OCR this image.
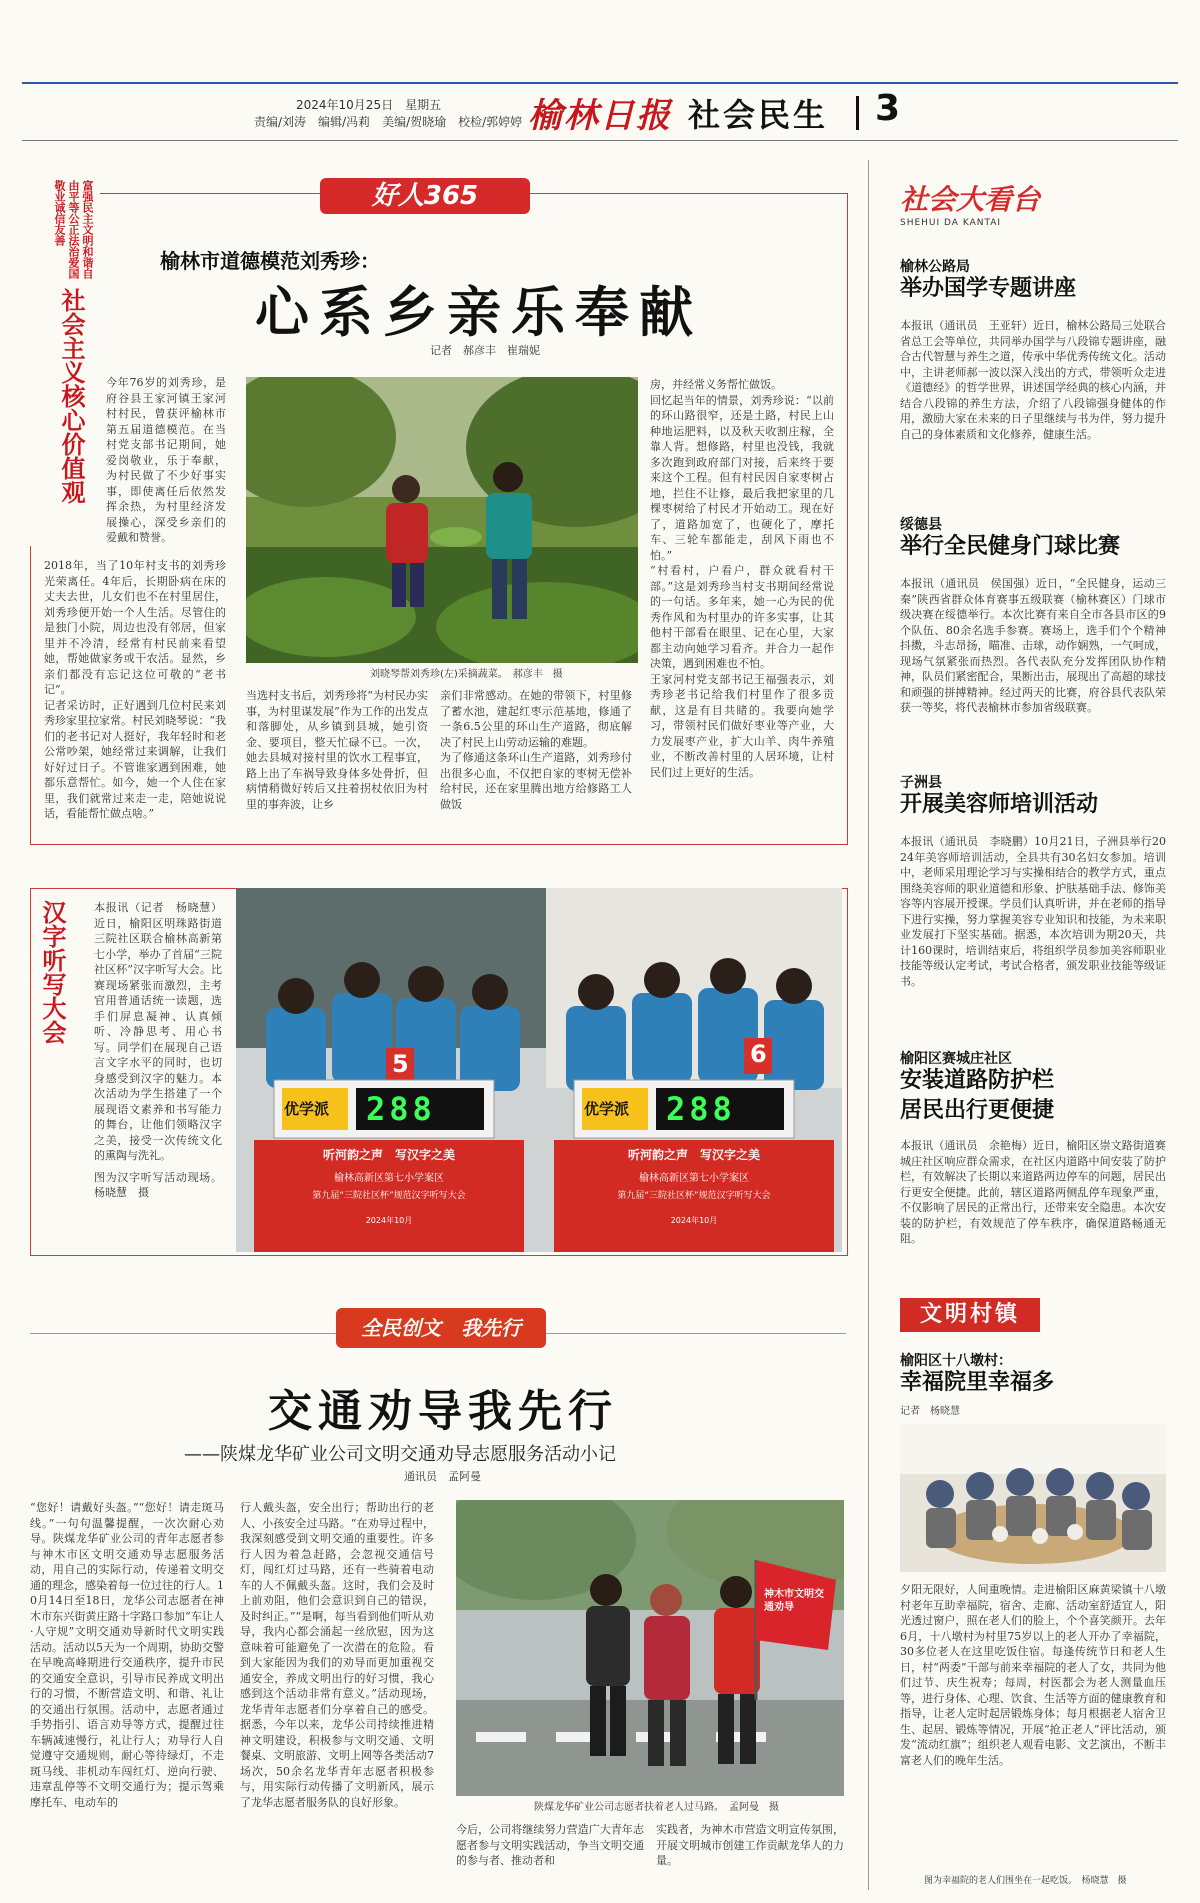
2024年10月25日　星期五
责编/刘涛　编辑/冯莉　美编/贺晓瑜　校检/郭婷婷 榆林日报 社会民生 3
富强民主文明和谐自由平等公正法治爱国敬业诚信友善
社会主义核心价值观
好人365
榆林市道德模范刘秀珍：
心系乡亲乐奉献
记者　郝彦丰　崔瑞妮
今年76岁的刘秀珍，是府谷县王家河镇王家河村村民，曾获评榆林市第五届道德模范。在当村党支部书记期间，她爱岗敬业，乐于奉献，为村民做了不少好事实事，即使离任后依然发挥余热，为村里经济发展操心，深受乡亲们的爱戴和赞誉。

2018年，当了10年村支书的刘秀珍光荣离任。4年后，长期卧病在床的丈夫去世，儿女们也不在村里居住，刘秀珍便开始一个人生活。尽管住的是独门小院，周边也没有邻居，但家里并不冷清，经常有村民前来看望她，帮她做家务或干农活。显然，乡亲们都没有忘记这位可敬的“老书记”。

记者采访时，正好遇到几位村民来刘秀珍家里拉家常。村民刘晓琴说：“我们的老书记对人挺好，我年轻时和老公常吵架，她经常过来调解，让我们好好过日子。不管谁家遇到困难，她都乐意帮忙。如今，她一个人住在家里，我们就常过来走一走，陪她说说话，看能帮忙做点啥。”

刘晓琴帮刘秀珍(左)采摘蔬菜。　郝彦丰　摄
当选村支书后，刘秀珍将“为村民办实事，为村里谋发展”作为工作的出发点和落脚处，从乡镇到县城，她引资金、要项目，整天忙碌不已。一次，她去县城对接村里的饮水工程事宜，路上出了车祸导致身体多处骨折，但病情稍微好转后又拄着拐杖依旧为村里的事奔波，让乡

亲们非常感动。在她的带领下，村里修了蓄水池，建起红枣示范基地，修通了一条6.5公里的环山生产道路，彻底解决了村民上山劳动运输的难题。

为了修通这条环山生产道路，刘秀珍付出很多心血，不仅把自家的枣树无偿补给村民，还在家里腾出地方给修路工人做饭

房，并经常义务帮忙做饭。

回忆起当年的情景，刘秀珍说：“以前的环山路很窄，还是土路，村民上山种地运肥料，以及秋天收割庄稼，全靠人背。想修路，村里也没钱，我就多次跑到政府部门对接，后来终于要来这个工程。但有村民因自家枣树占地，拦住不让修，最后我把家里的几棵枣树给了村民才开始动工。现在好了，道路加宽了，也硬化了，摩托车、三轮车都能走，刮风下雨也不怕。”

“村看村，户看户，群众就看村干部。”这是刘秀珍当村支书期间经常说的一句话。多年来，她一心为民的优秀作风和为村里办的许多实事，让其他村干部看在眼里、记在心里，大家都主动向她学习看齐。并合力一起作决策，遇到困难也不怕。

王家河村党支部书记王福强表示，刘秀珍老书记给我们村里作了很多贡献，这是有目共睹的。我要向她学习，带领村民们做好枣业等产业，大力发展枣产业，扩大山羊、肉牛养殖业，不断改善村里的人居环境，让村民们过上更好的生活。

汉字听写大会	本报讯（记者　杨晓慧）近日，榆阳区明珠路街道三院社区联合榆林高新第七小学，举办了首届“三院社区杯”汉字听写大会。比赛现场紧张而激烈，主考官用普通话统一读题，选手们屏息凝神、认真倾听、冷静思考、用心书写。同学们在展现自己语言文字水平的同时，也切身感受到汉字的魅力。本次活动为学生搭建了一个展现语文素养和书写能力的舞台，让他们领略汉字之美，接受一次传统文化的熏陶与洗礼。

图为汉字听写活动现场。杨晓慧　摄

5	6
优学派 288	优学派 288
听河韵之声　写汉字之美
榆林高新区第七小学案区
第九届“三院社区杯”规范汉字听写大会
2024年10月
听河韵之声　写汉字之美
榆林高新区第七小学案区
第九届“三院社区杯”规范汉字听写大会
2024年10月
全民创文　我先行
交通劝导我先行
——陕煤龙华矿业公司文明交通劝导志愿服务活动小记
通讯员　孟阿曼
“您好！请戴好头盔。”“您好！请走斑马线。”一句句温馨提醒，一次次耐心劝导。陕煤龙华矿业公司的青年志愿者参与神木市区文明交通劝导志愿服务活动，用自己的实际行动，传递着文明交通的理念，感染着每一位过往的行人。10月14日至18日，龙华公司志愿者在神木市东兴街黄庄路十字路口参加“车让人·人守规”文明交通劝导新时代文明实践活动。活动以5天为一个周期，协助交警在早晚高峰期进行交通秩序，提升市民的交通安全意识，引导市民养成文明出行的习惯，不断营造文明、和谐、礼让的交通出行氛围。活动中，志愿者通过手势指引、语言劝导等方式，提醒过往车辆减速慢行，礼让行人；劝导行人自觉遵守交通规则，耐心等待绿灯，不走斑马线、非机动车闯红灯、逆向行驶、违章乱停等不文明交通行为；提示驾乘摩托车、电动车的
行人戴头盔，安全出行；帮助出行的老人、小孩安全过马路。“在劝导过程中，我深刻感受到文明交通的重要性。许多行人因为着急赶路，会忽视交通信号灯，闯红灯过马路，还有一些骑着电动车的人不佩戴头盔。这时，我们会及时上前劝阻，他们会意识到自己的错误，及时纠正。”“是啊，每当看到他们听从劝导，我内心都会涌起一丝欣慰，因为这意味着可能避免了一次潜在的危险。看到大家能因为我们的劝导而更加重视交通安全，养成文明出行的好习惯，我心感到这个活动非常有意义。”活动现场，龙华青年志愿者们分享着自己的感受。据悉，今年以来，龙华公司持续推进精神文明建设，积极参与文明交通、文明餐桌、文明旅游、文明上网等各类活动7场次，50余名龙华青年志愿者积极参与，用实际行动传播了文明新风，展示了龙华志愿者服务队的良好形象。
神木市文明交通劝导
陕煤龙华矿业公司志愿者扶着老人过马路。　孟阿曼　摄
今后，公司将继续努力营造广大青年志愿者参与文明实践活动，争当文明交通的参与者、推动者和
实践者，为神木市营造文明宣传氛围，开展文明城市创建工作贡献龙华人的力量。
社会大看台
SHEHUI DA KANTAI
榆林公路局
举办国学专题讲座
本报讯（通讯员　王亚轩）近日，榆林公路局三处联合省总工会等单位，共同举办国学与八段锦专题讲座，融合古代智慧与养生之道，传承中华优秀传统文化。活动中，主讲老师郝一波以深入浅出的方式，带领听众走进《道德经》的哲学世界，讲述国学经典的核心内涵，并结合八段锦的养生方法，介绍了八段锦强身健体的作用，激励大家在未来的日子里继续与书为伴，努力提升自己的身体素质和文化修养，健康生活。
绥德县
举行全民健身门球比赛
本报讯（通讯员　侯国强）近日，“全民健身，运动三秦”陕西省群众体育赛事五级联赛（榆林赛区）门球市级决赛在绥德举行。本次比赛有来自全市各县市区的9个队伍、80余名选手参赛。赛场上，选手们个个精神抖擞，斗志昂扬，瞄准、击球，动作娴熟，一气呵成，现场气氛紧张而热烈。各代表队充分发挥团队协作精神，队员们紧密配合，果断出击，展现出了高超的球技和顽强的拼搏精神。经过两天的比赛，府谷县代表队荣获一等奖，将代表榆林市参加省级联赛。
子洲县
开展美容师培训活动
本报讯（通讯员　李晓鹏）10月21日，子洲县举行2024年美容师培训活动，全县共有30名妇女参加。培训中，老师采用理论学习与实操相结合的教学方式，重点围绕美容师的职业道德和形象、护肤基础手法、修饰美容等内容展开授课。学员们认真听讲，并在老师的指导下进行实操，努力掌握美容专业知识和技能，为未来职业发展打下坚实基础。据悉，本次培训为期20天，共计160课时，培训结束后，将组织学员参加美容师职业技能等级认定考试，考试合格者，颁发职业技能等级证书。
榆阳区赛城庄社区
安装道路防护栏
居民出行更便捷
本报讯（通讯员　余艳梅）近日，榆阳区崇文路街道赛城庄社区响应群众需求，在社区内道路中间安装了防护栏，有效解决了长期以来道路两边停车的问题，居民出行更安全便捷。此前，辖区道路两侧乱停车现象严重，不仅影响了居民的正常出行，还带来安全隐患。本次安装的防护栏，有效规范了停车秩序，确保道路畅通无阻。
文明村镇
榆阳区十八墩村：
幸福院里幸福多
记者　杨晓慧
夕阳无限好，人间重晚情。走进榆阳区麻黄梁镇十八墩村老年互助幸福院，宿舍、走廊、活动室舒适宜人，阳光透过窗户，照在老人们的脸上，个个喜笑颜开。去年6月，十八墩村为村里75岁以上的老人开办了幸福院，30多位老人在这里吃饭住宿。每逢传统节日和老人生日，村“两委”干部与前来幸福院的老人了女，共同为他们过节、庆生祝寿；每周，村医都会为老人测量血压等，进行身体、心理、饮食、生活等方面的健康教育和指导，让老人定时起居锻炼身体；每月根据老人宿舍卫生、起居、锻炼等情况，开展“抢正老人”评比活动，颁发“流动红旗”；组织老人观看电影、文艺演出，不断丰富老人们的晚年生活。
图为幸福院的老人们围坐在一起吃饭。　杨晓慧　摄
